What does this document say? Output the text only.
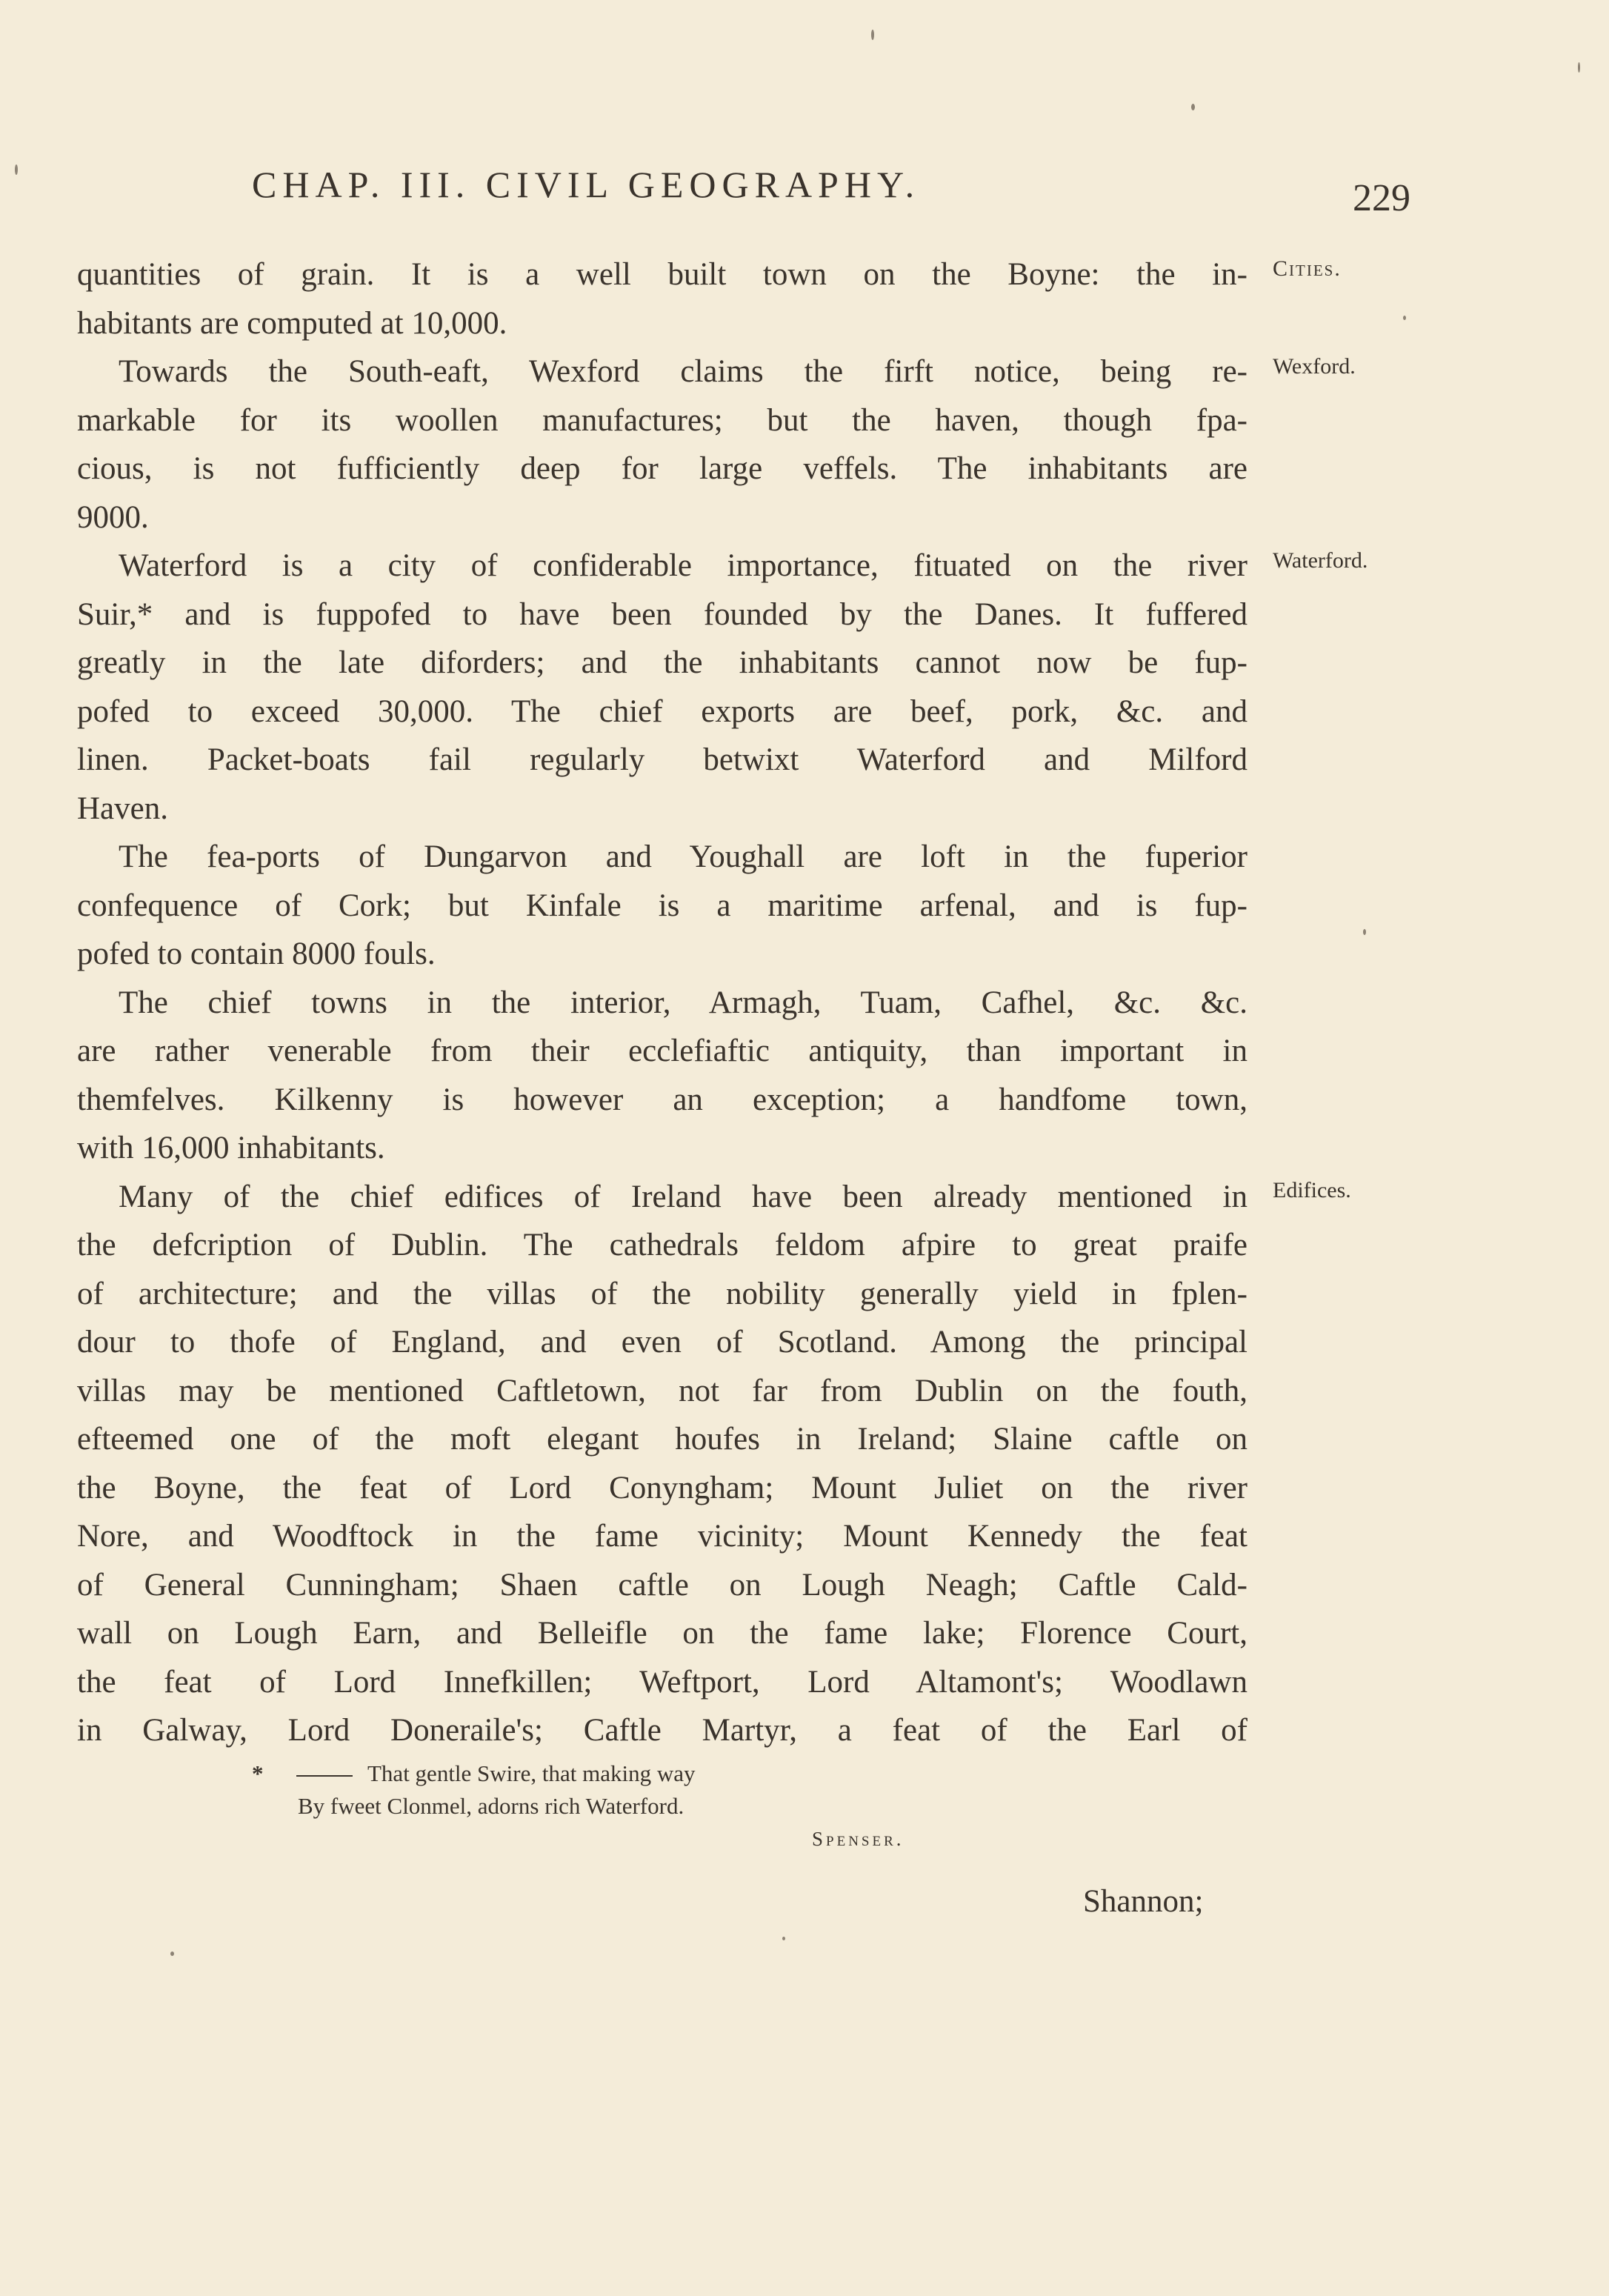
CHAP. III. CIVIL GEOGRAPHY.	229
Cities.
Wexford.
Waterford.
Edifices.
quantities of grain. It is a well built town on the Boyne: the in-
habitants are computed at 10,000.
Towards the South-eaft, Wexford claims the firft notice, being re-
markable for its woollen manufactures; but the haven, though fpa-
cious, is not fufficiently deep for large veffels. The inhabitants are
9000.
Waterford is a city of confiderable importance, fituated on the river
Suir,* and is fuppofed to have been founded by the Danes. It fuffered
greatly in the late diforders; and the inhabitants cannot now be fup-
pofed to exceed 30,000. The chief exports are beef, pork, &c. and
linen. Packet-boats fail regularly betwixt Waterford and Milford
Haven.
The fea-ports of Dungarvon and Youghall are loft in the fuperior
confequence of Cork; but Kinfale is a maritime arfenal, and is fup-
pofed to contain 8000 fouls.
The chief towns in the interior, Armagh, Tuam, Cafhel, &c. &c.
are rather venerable from their ecclefiaftic antiquity, than important in
themfelves. Kilkenny is however an exception; a handfome town,
with 16,000 inhabitants.
Many of the chief edifices of Ireland have been already mentioned in
the defcription of Dublin. The cathedrals feldom afpire to great praife
of architecture; and the villas of the nobility generally yield in fplen-
dour to thofe of England, and even of Scotland. Among the principal
villas may be mentioned Caftletown, not far from Dublin on the fouth,
efteemed one of the moft elegant houfes in Ireland; Slaine caftle on
the Boyne, the feat of Lord Conyngham; Mount Juliet on the river
Nore, and Woodftock in the fame vicinity; Mount Kennedy the feat
of General Cunningham; Shaen caftle on Lough Neagh; Caftle Cald-
wall on Lough Earn, and Belleifle on the fame lake; Florence Court,
the feat of Lord Innefkillen; Weftport, Lord Altamont's; Woodlawn
in Galway, Lord Doneraile's; Caftle Martyr, a feat of the Earl of
*	That gentle Swire, that making way
By fweet Clonmel, adorns rich Waterford.
Spenser.
Shannon;
